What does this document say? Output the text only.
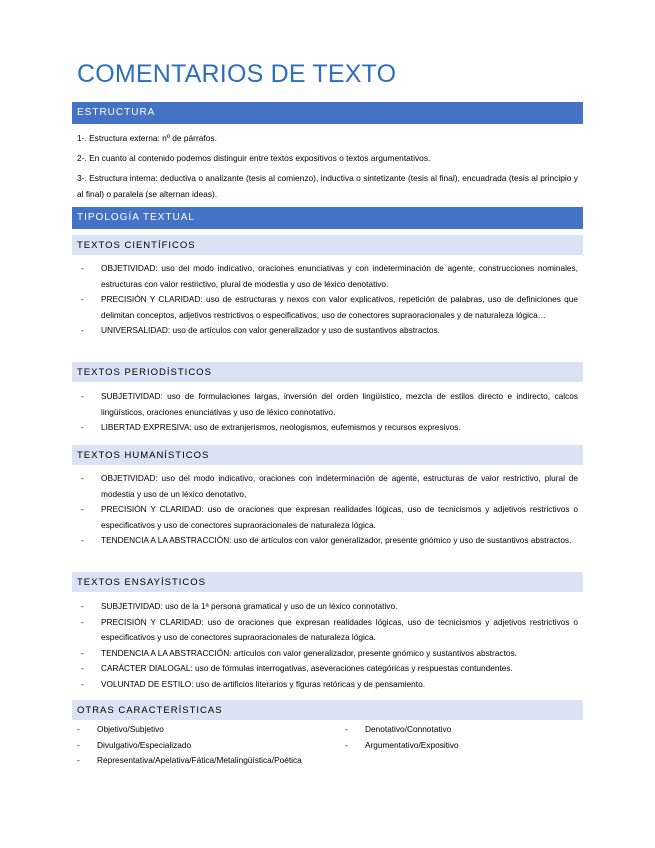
COMENTARIOS DE TEXTO
ESTRUCTURA
1-. Estructura externa: nº de párrafos.
2-. En cuanto al contenido podemos distinguir entre textos expositivos o textos argumentativos.
3-. Estructura interna: deductiva o analizante (tesis al comienzo), inductiva o sintetizante (tesis al final), encuadrada (tesis al principio y al final) o paralela (se alternan ideas).
TIPOLOGÍA TEXTUAL
TEXTOS CIENTÍFICOS
- OBJETIVIDAD: uso del modo indicativo, oraciones enunciativas y con indeterminación de agente, construcciones nominales, estructuras con valor restrictivo, plural de modestia y uso de léxico denotativo.
- PRECISIÓN Y CLARIDAD: uso de estructuras y nexos con valor explicativos, repetición de palabras, uso de definiciones que delimitan conceptos, adjetivos restrictivos o especificativos, uso de conectores supraoracionales y de naturaleza lógica…
- UNIVERSALIDAD: uso de artículos con valor generalizador y uso de sustantivos abstractos.
TEXTOS PERIODÍSTICOS
- SUBJETIVIDAD: uso de formulaciones largas, inversión del orden lingüístico, mezcla de estilos directo e indirecto, calcos lingüísticos, oraciones enunciativas y uso de léxico connotativo.
- LIBERTAD EXPRESIVA: uso de extranjerismos, neologismos, eufemismos y recursos expresivos.
TEXTOS HUMANÍSTICOS
- OBJETIVIDAD: uso del modo indicativo, oraciones con indeterminación de agente, estructuras de valor restrictivo, plural de modestia y uso de un léxico denotativo,
- PRECISIÓN Y CLARIDAD: uso de oraciones que expresan realidades lógicas, uso de tecnicismos y adjetivos restrictivos o especificativos y uso de conectores supraoracionales de naturaleza lógica.
- TENDENCIA A LA ABSTRACCIÓN: uso de artículos con valor generalizador, presente gnómico y uso de sustantivos abstractos.
TEXTOS ENSAYÍSTICOS
- SUBJETIVIDAD: uso de la 1ª persona gramatical y uso de un léxico connotativo.
- PRECISIÓN Y CLARIDAD: uso de oraciones que expresan realidades lógicas, uso de tecnicismos y adjetivos restrictivos o especificativos y uso de conectores supraoracionales de naturaleza lógica.
- TENDENCIA A LA ABSTRACCIÓN: artículos con valor generalizador, presente gnómico y sustantivos abstractos.
- CARÁCTER DIALOGAL: uso de fórmulas interrogativas, aseveraciones categóricas y respuestas contundentes.
- VOLUNTAD DE ESTILO: uso de artificios literarios y figuras retóricas y de pensamiento.
OTRAS CARACTERÍSTICAS
- Objetivo/Subjetivo
- Divulgativo/Especializado
- Representativa/Apelativa/Fática/Metalingüística/Poética
- Denotativo/Connotativo
- Argumentativo/Expositivo
